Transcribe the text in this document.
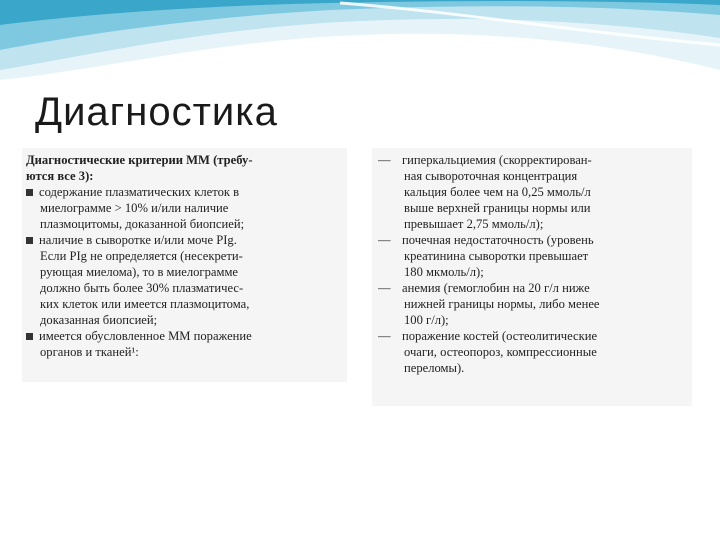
Диагностика
Диагностические критерии ММ (требу-
ются все 3):
содержание плазматических клеток в
миелограмме > 10% и/или наличие
плазмоцитомы, доказанной биопсией;
наличие в сыворотке и/или моче PIg.
Если PIg не определяется (несекрети-
рующая миелома), то в миелограмме
должно быть более 30% плазматичес-
ких клеток или имеется плазмоцитома,
доказанная биопсией;
имеется обусловленное ММ поражение
органов и тканей¹:
— гиперкальциемия (скорректирован-
ная сывороточная концентрация
кальция более чем на 0,25 ммоль/л
выше верхней границы нормы или
превышает 2,75 ммоль/л);
— почечная недостаточность (уровень
креатинина сыворотки превышает
180 мкмоль/л);
— анемия (гемоглобин на 20 г/л ниже
нижней границы нормы, либо менее
100 г/л);
— поражение костей (остеолитические
очаги, остеопороз, компрессионные
переломы).
